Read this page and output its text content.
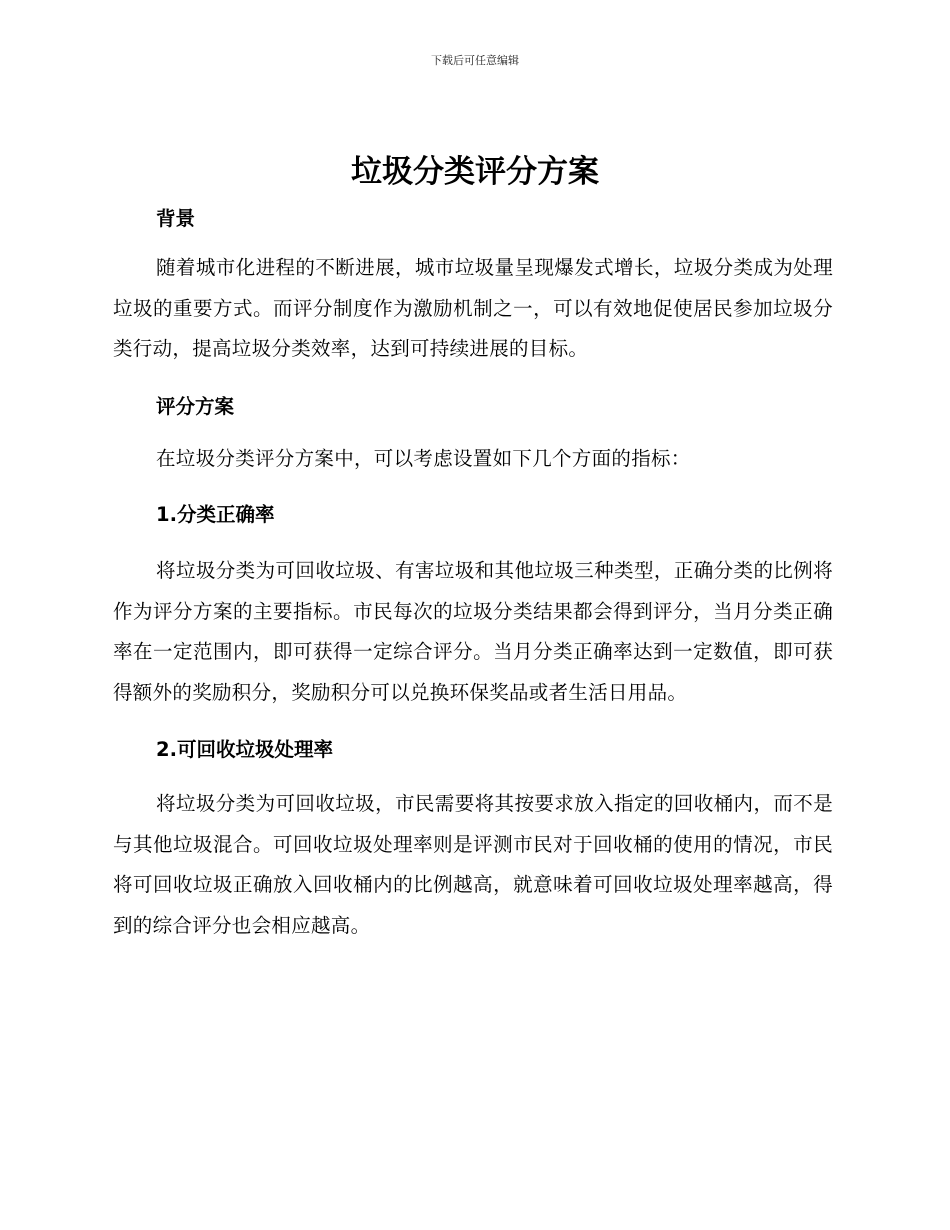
下载后可任意编辑
垃圾分类评分方案
背景

随着城市化进程的不断进展，城市垃圾量呈现爆发式增长，垃圾分类成为处理垃圾的重要方式。而评分制度作为激励机制之一，可以有效地促使居民参加垃圾分类行动，提高垃圾分类效率，达到可持续进展的目标。

评分方案

在垃圾分类评分方案中，可以考虑设置如下几个方面的指标：

1.分类正确率

将垃圾分类为可回收垃圾、有害垃圾和其他垃圾三种类型，正确分类的比例将作为评分方案的主要指标。市民每次的垃圾分类结果都会得到评分，当月分类正确率在一定范围内，即可获得一定综合评分。当月分类正确率达到一定数值，即可获得额外的奖励积分，奖励积分可以兑换环保奖品或者生活日用品。

2.可回收垃圾处理率

将垃圾分类为可回收垃圾，市民需要将其按要求放入指定的回收桶内，而不是与其他垃圾混合。可回收垃圾处理率则是评测市民对于回收桶的使用的情况，市民将可回收垃圾正确放入回收桶内的比例越高，就意味着可回收垃圾处理率越高，得到的综合评分也会相应越高。
